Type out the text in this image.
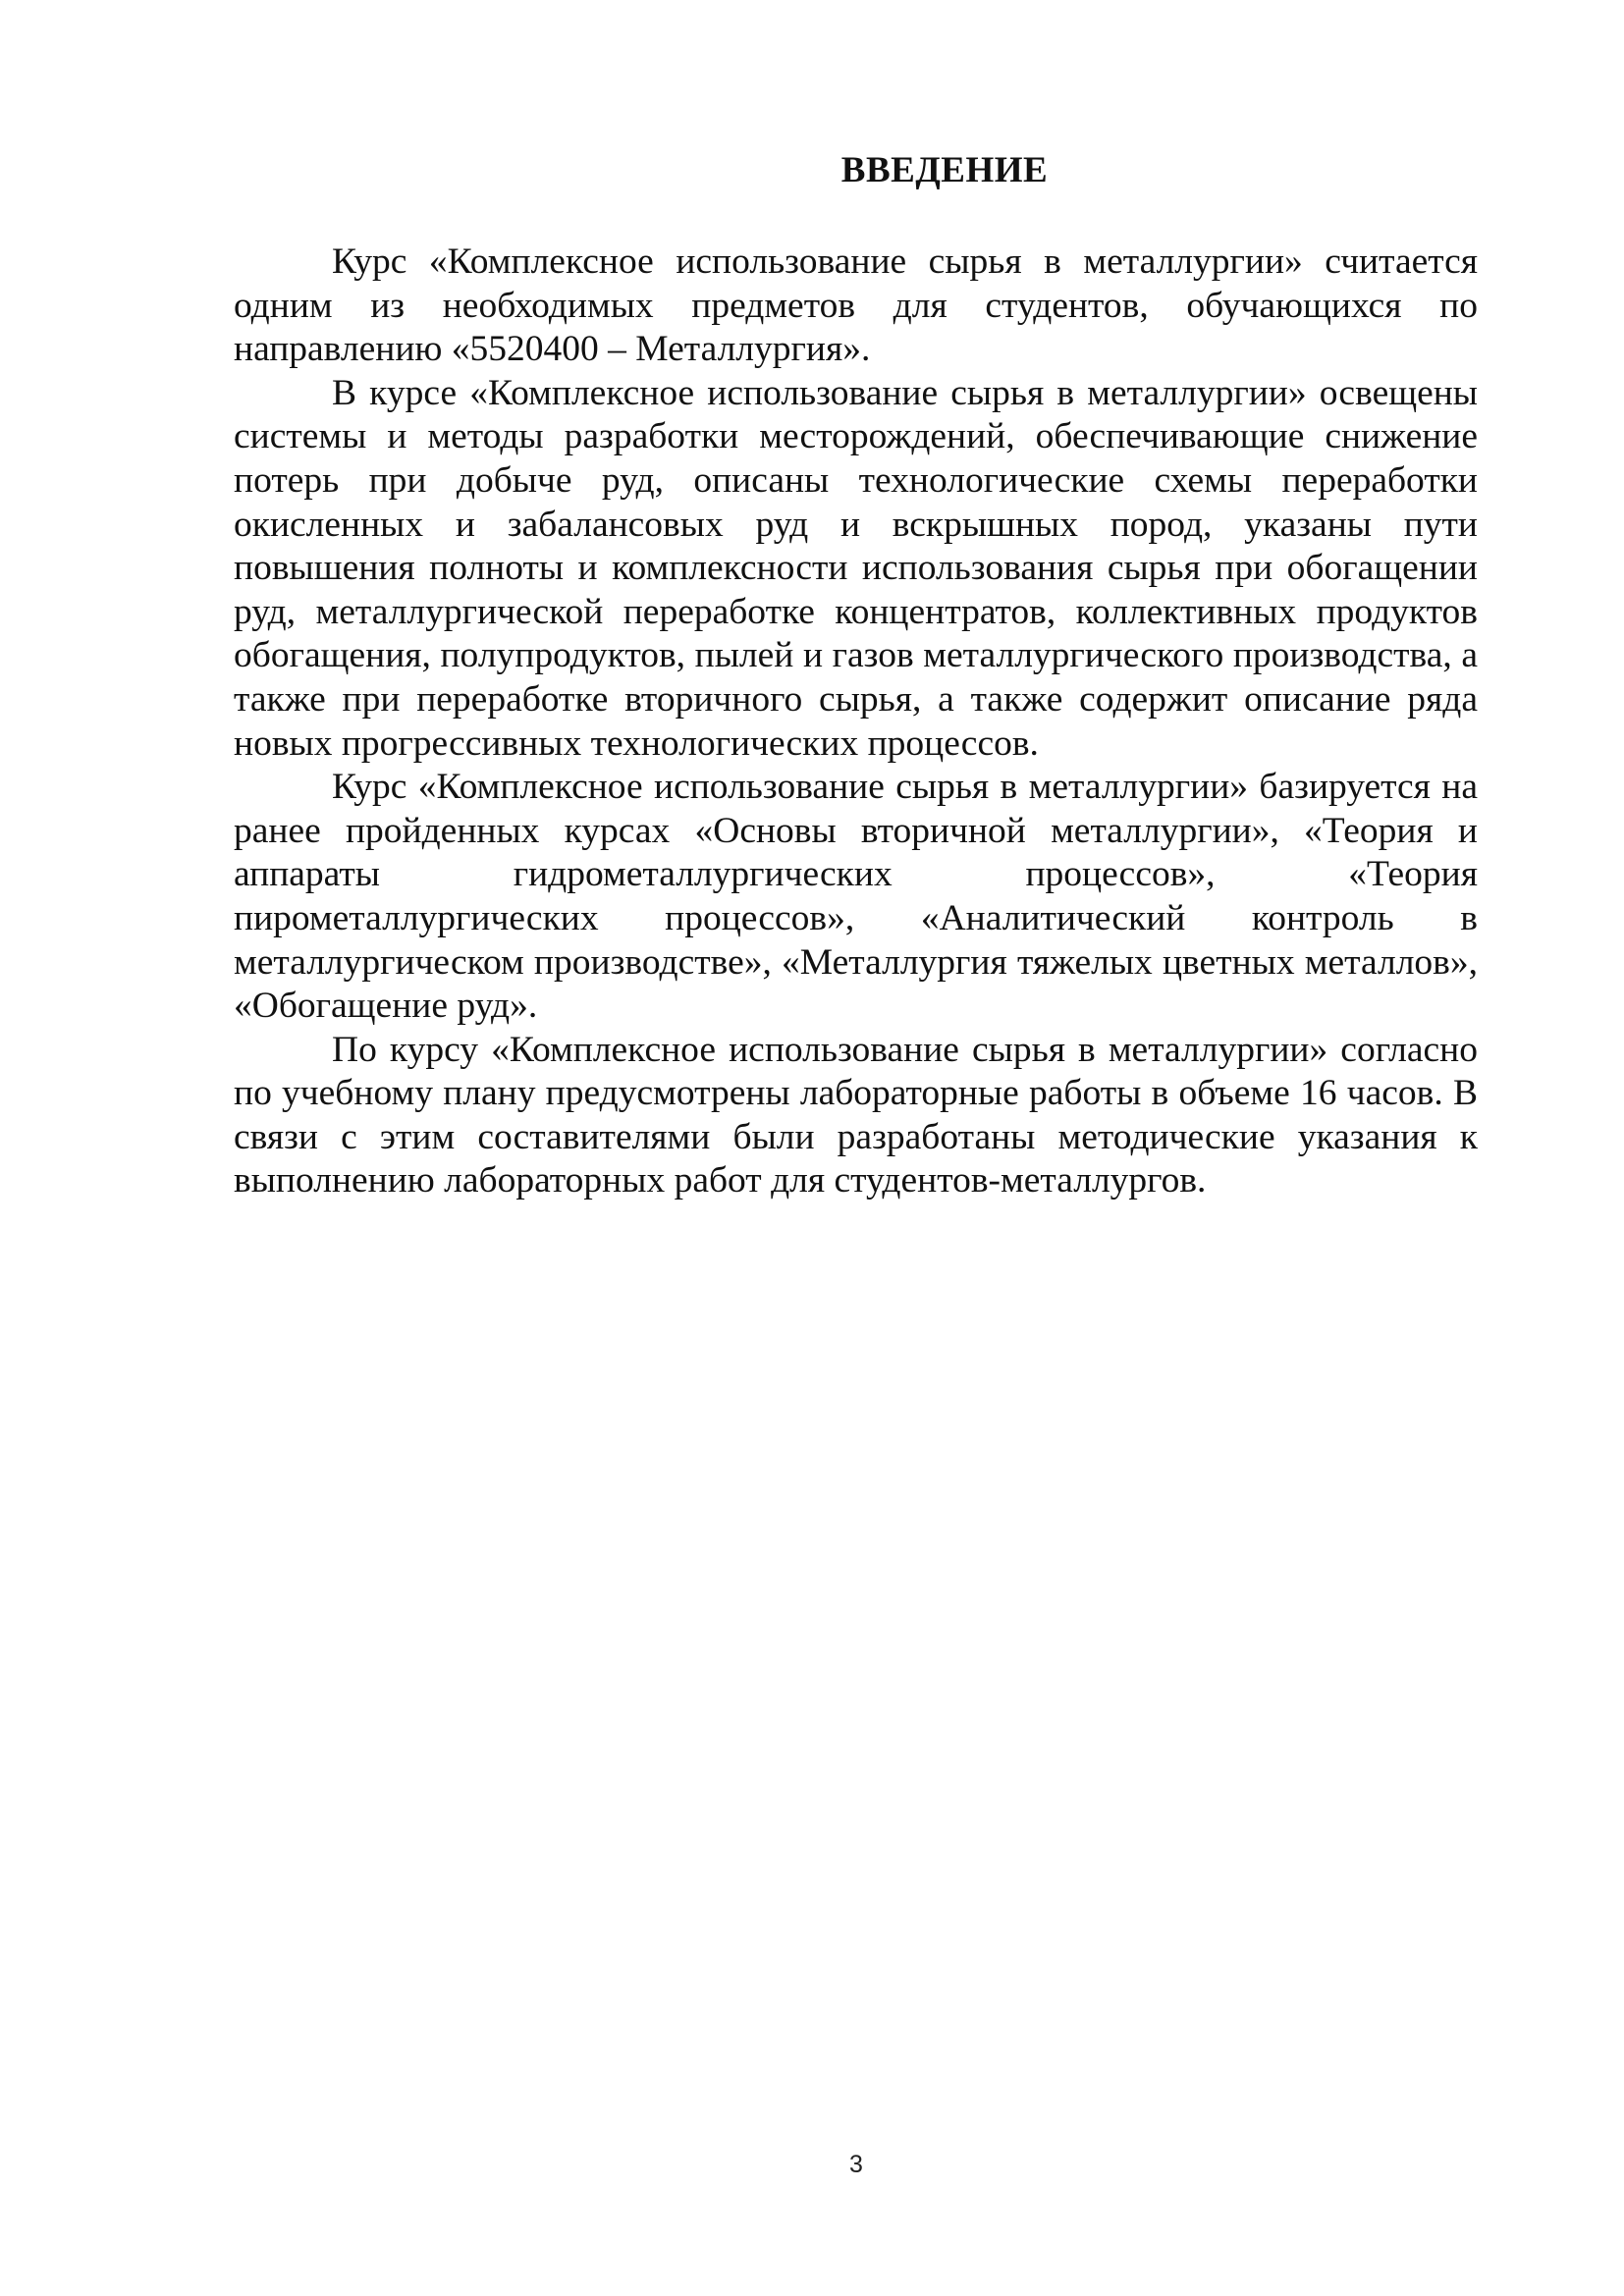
ВВЕДЕНИЕ

Курс «Комплексное использование сырья в металлургии» считается одним из необходимых предметов для студентов, обучающихся по направлению «5520400 – Металлургия».

В курсе «Комплексное использование сырья в металлургии» освещены системы и методы разработки месторождений, обеспечивающие снижение потерь при добыче руд, описаны технологические схемы переработки окисленных и забалансовых руд и вскрышных пород, указаны пути повышения полноты и комплексности использования сырья при обогащении руд, металлургической переработке концентратов, коллективных продуктов обогащения, полупродуктов, пылей и газов металлургического производства, а также при переработке вторичного сырья, а также содержит описание ряда новых прогрессивных технологических процессов.

Курс «Комплексное использование сырья в металлургии» базируется на ранее пройденных курсах «Основы вторичной металлургии», «Теория и аппараты гидрометаллургических процессов», «Теория пирометаллургических процессов», «Аналитический контроль в металлургическом производстве», «Металлургия тяжелых цветных металлов», «Обогащение руд».

По курсу «Комплексное использование сырья в металлургии» согласно по учебному плану предусмотрены лабораторные работы в объеме 16 часов. В связи с этим составителями были разработаны методические указания к выполнению лабораторных работ для студентов-металлургов.

3
